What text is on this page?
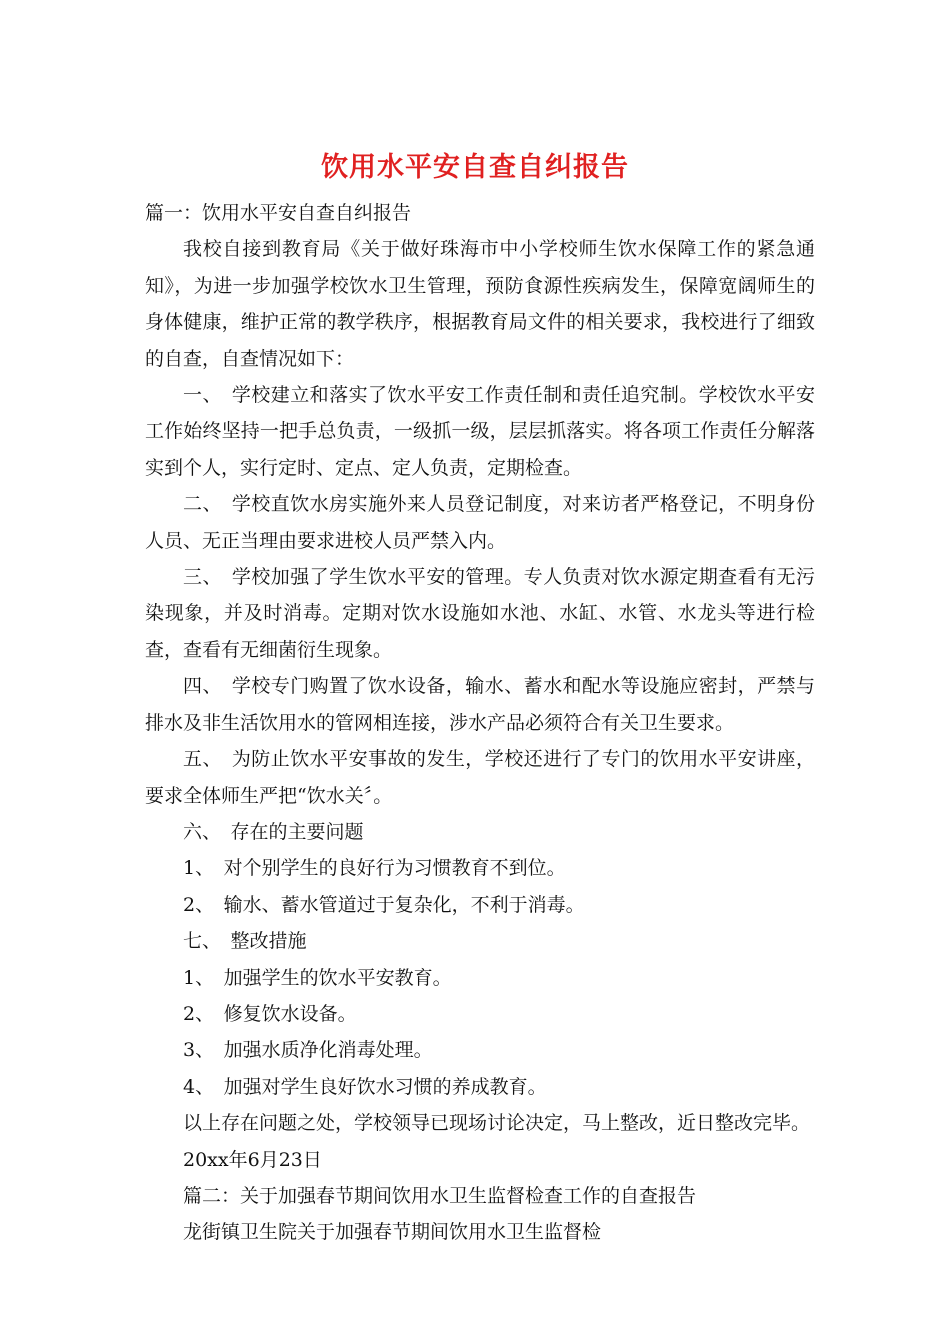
饮用水平安自查自纠报告

篇一：饮用水平安自查自纠报告

我校自接到教育局《关于做好珠海市中小学校师生饮水保障工作的紧急通知》，为进一步加强学校饮水卫生管理，预防食源性疾病发生，保障宽阔师生的身体健康，维护正常的教学秩序，根据教育局文件的相关要求，我校进行了细致的自查，自查情况如下：

一、　学校建立和落实了饮水平安工作责任制和责任追究制。学校饮水平安工作始终坚持一把手总负责，一级抓一级，层层抓落实。将各项工作责任分解落实到个人，实行定时、定点、定人负责，定期检查。

二、　学校直饮水房实施外来人员登记制度，对来访者严格登记，不明身份人员、无正当理由要求进校人员严禁入内。

三、　学校加强了学生饮水平安的管理。专人负责对饮水源定期查看有无污染现象，并及时消毒。定期对饮水设施如水池、水缸、水管、水龙头等进行检查，查看有无细菌衍生现象。

四、　学校专门购置了饮水设备，输水、蓄水和配水等设施应密封，严禁与排水及非生活饮用水的管网相连接，涉水产品必须符合有关卫生要求。

五、　为防止饮水平安事故的发生，学校还进行了专门的饮用水平安讲座，要求全体师生严把“饮水关〞。

六、　存在的主要问题

1、　对个别学生的良好行为习惯教育不到位。

2、　输水、蓄水管道过于复杂化，不利于消毒。

七、　整改措施

1、　加强学生的饮水平安教育。

2、　修复饮水设备。

3、　加强水质净化消毒处理。

4、　加强对学生良好饮水习惯的养成教育。

以上存在问题之处，学校领导已现场讨论决定，马上整改，近日整改完毕。

20xx年6月23日

篇二：关于加强春节期间饮用水卫生监督检查工作的自查报告

龙街镇卫生院关于加强春节期间饮用水卫生监督检
